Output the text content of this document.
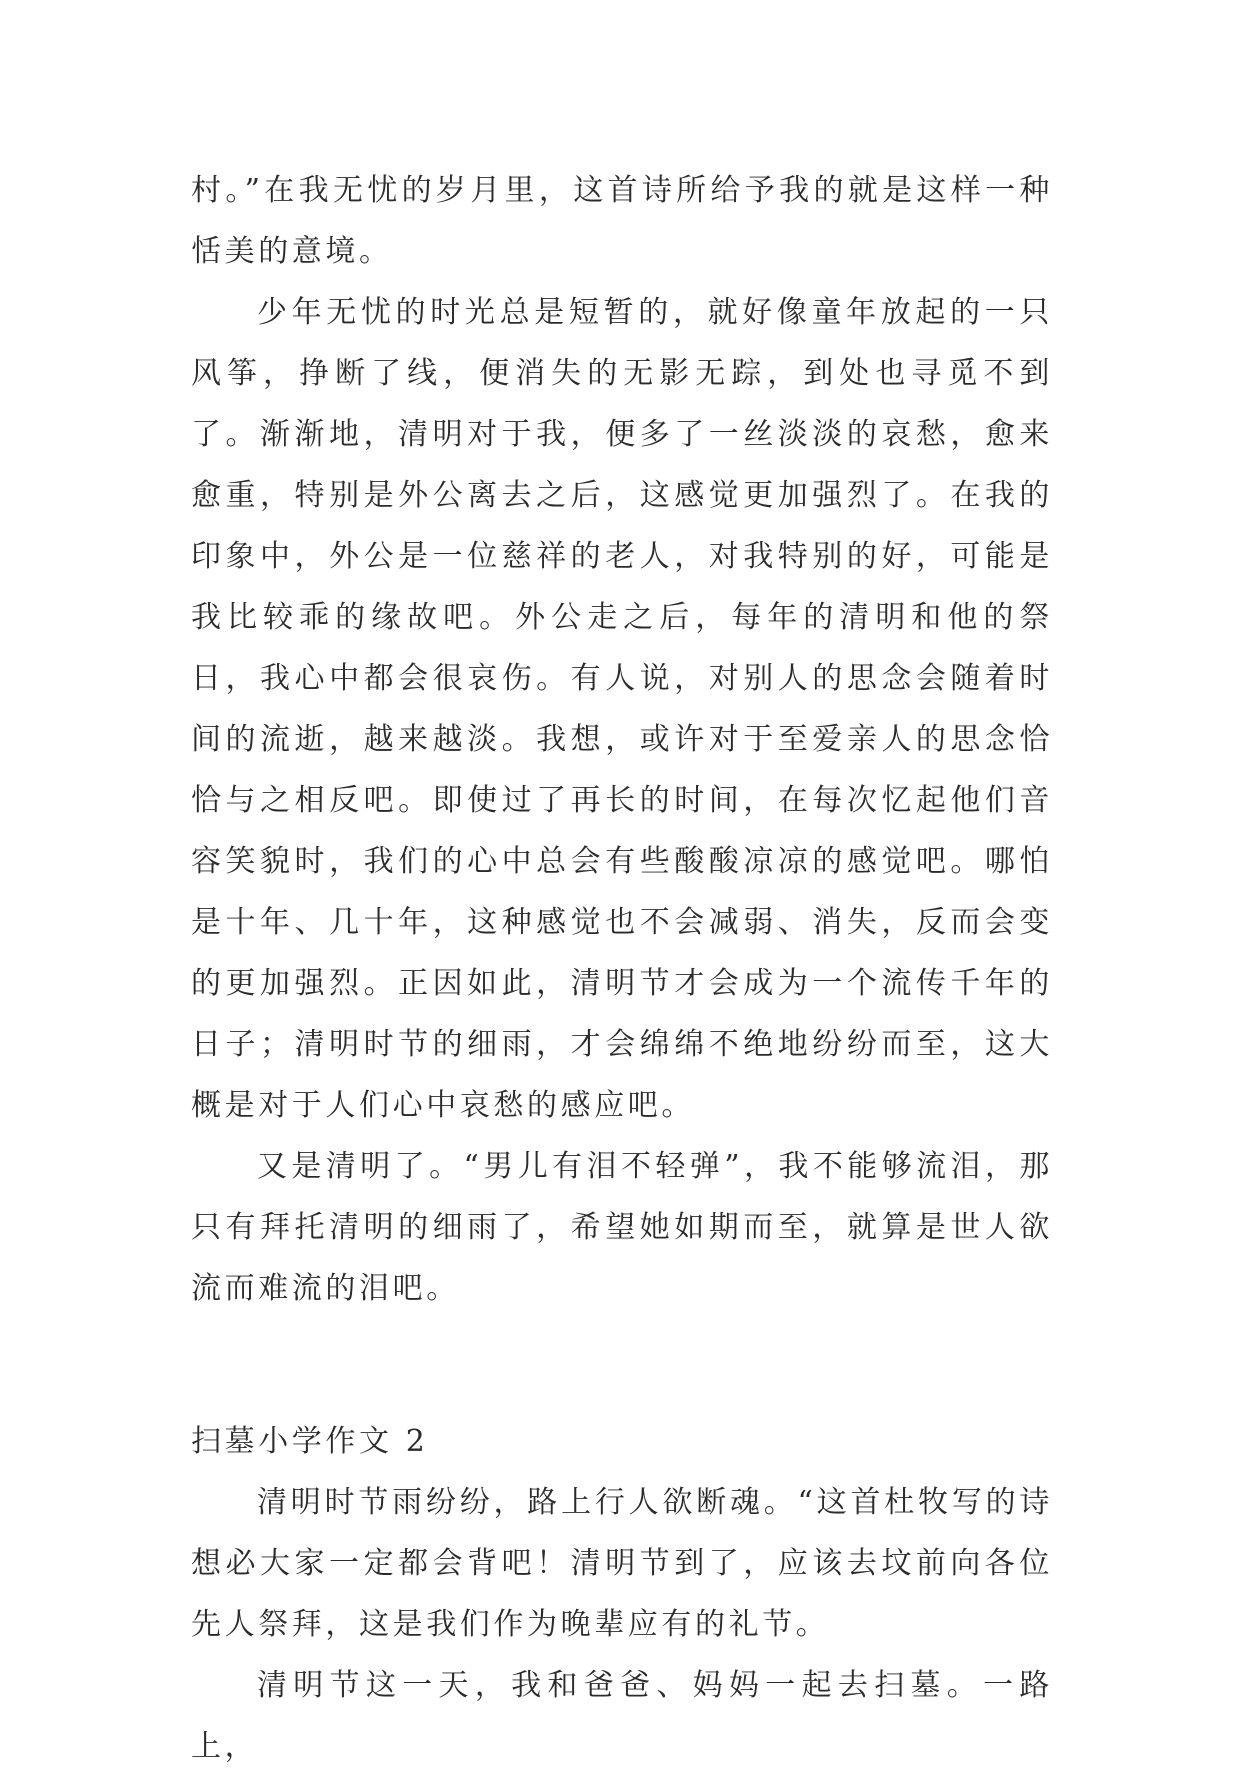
村。”在我无忧的岁月里，这首诗所给予我的就是这样一种恬美的意境。

少年无忧的时光总是短暂的，就好像童年放起的一只风筝，挣断了线，便消失的无影无踪，到处也寻觅不到了。渐渐地，清明对于我，便多了一丝淡淡的哀愁，愈来愈重，特别是外公离去之后，这感觉更加强烈了。在我的印象中，外公是一位慈祥的老人，对我特别的好，可能是我比较乖的缘故吧。外公走之后，每年的清明和他的祭日，我心中都会很哀伤。有人说，对别人的思念会随着时间的流逝，越来越淡。我想，或许对于至爱亲人的思念恰恰与之相反吧。即使过了再长的时间，在每次忆起他们音容笑貌时，我们的心中总会有些酸酸凉凉的感觉吧。哪怕是十年、几十年，这种感觉也不会减弱、消失，反而会变的更加强烈。正因如此，清明节才会成为一个流传千年的日子；清明时节的细雨，才会绵绵不绝地纷纷而至，这大概是对于人们心中哀愁的感应吧。

又是清明了。“男儿有泪不轻弹”，我不能够流泪，那只有拜托清明的细雨了，希望她如期而至，就算是世人欲流而难流的泪吧。

扫墓小学作文 2

清明时节雨纷纷，路上行人欲断魂。“这首杜牧写的诗想必大家一定都会背吧！清明节到了，应该去坟前向各位先人祭拜，这是我们作为晚辈应有的礼节。

清明节这一天，我和爸爸、妈妈一起去扫墓。一路上，
